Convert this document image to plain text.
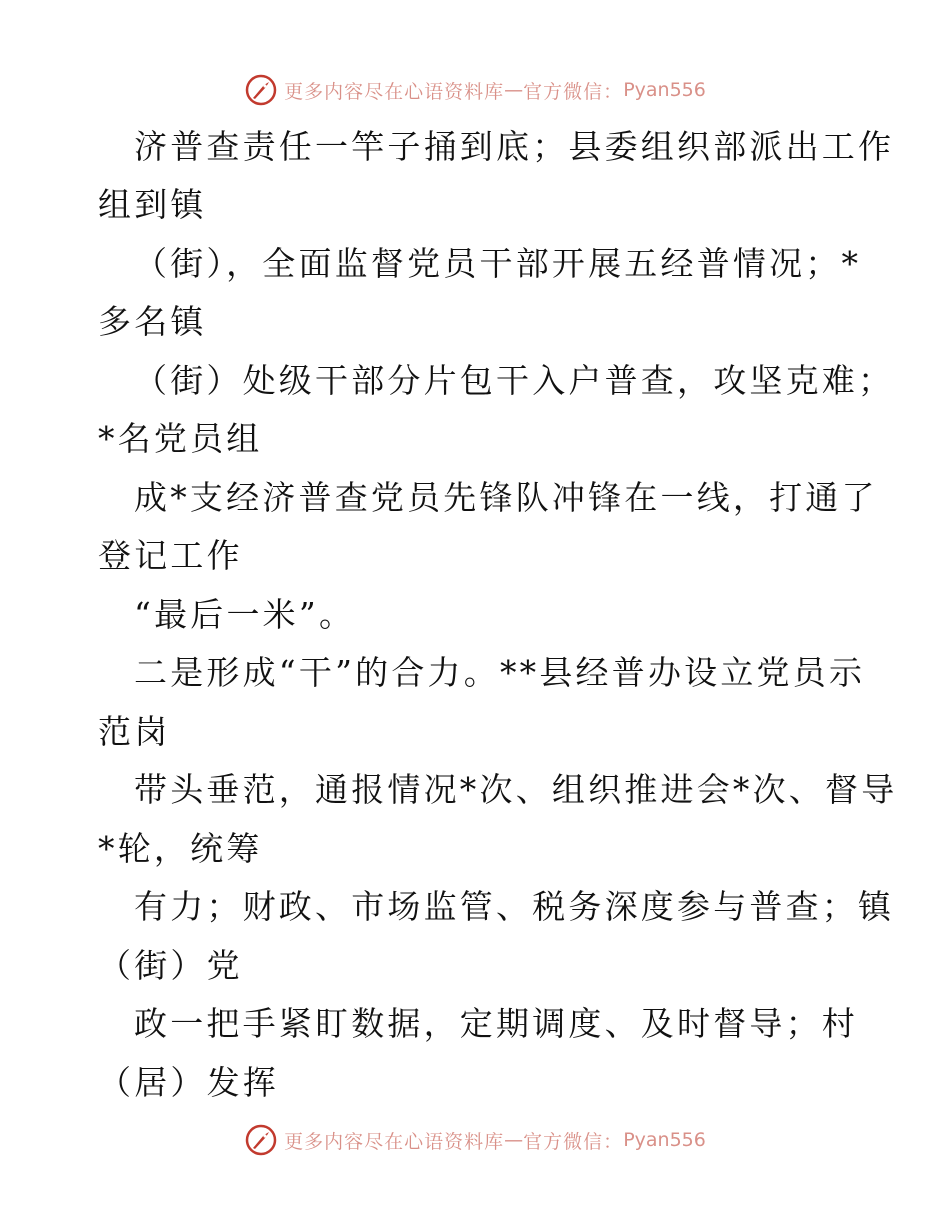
更多内容尽在心语资料库 — 官方微信： Pyan556
济普查责任一竿子捅到底；县委组织部派出工作
组到镇
（街），全面监督党员干部开展五经普情况；*
多名镇
（街）处级干部分片包干入户普查，攻坚克难；
*名党员组
成*支经济普查党员先锋队冲锋在一线，打通了
登记工作
“最后一米”。
二是形成“干”的合力。**县经普办设立党员示
范岗
带头垂范，通报情况*次、组织推进会*次、督导
*轮，统筹
有力；财政、市场监管、税务深度参与普查；镇
（街）党
政一把手紧盯数据，定期调度、及时督导；村
（居）发挥
更多内容尽在心语资料库 — 官方微信： Pyan556
